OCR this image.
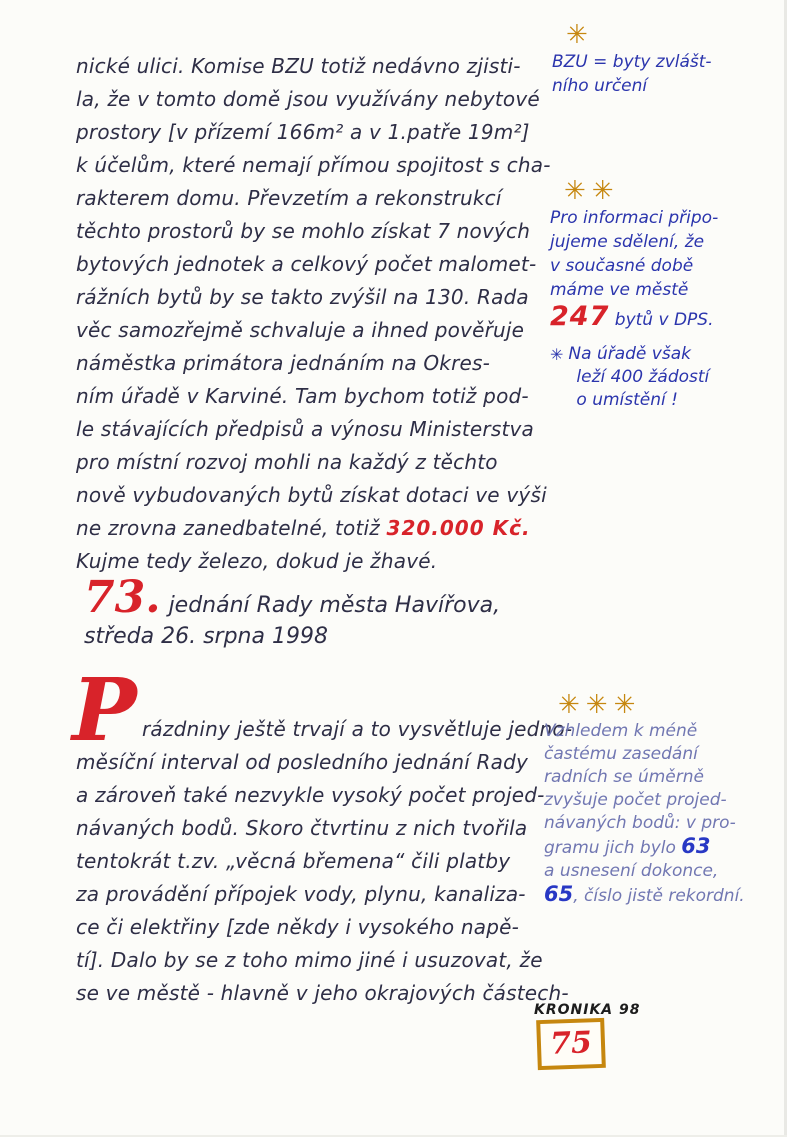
nické ulici. Komise BZU totiž nedávno zjisti-
la, že v tomto domě jsou využívány nebytové
prostory [v přízemí 166m² a v 1.patře 19m²]
k účelům, které nemají přímou spojitost s cha-
rakterem domu. Převzetím a rekonstrukcí
těchto prostorů by se mohlo získat 7 nových
bytových jednotek a celkový počet malomet-
rážních bytů by se takto zvýšil na 130. Rada
věc samozřejmě schvaluje a ihned pověřuje
náměstka primátora jednáním na Okres-
ním úřadě v Karviné. Tam bychom totiž pod-
le stávajících předpisů a výnosu Ministerstva
pro místní rozvoj mohli na každý z těchto
nově vybudovaných bytů získat dotaci ve výši
ne zrovna zanedbatelné, totiž 320.000 Kč.
Kujme tedy železo, dokud je žhavé.
73. jednání Rady města Havířova,
středa 26. srpna 1998
P rázdniny ještě trvají a to vysvětluje jedno-
měsíční interval od posledního jednání Rady
a zároveň také nezvykle vysoký počet projed-
návaných bodů. Skoro čtvrtinu z nich tvořila
tentokrát t.zv. „věcná břemena“ čili platby
za provádění přípojek vody, plynu, kanaliza-
ce či elektřiny [zde někdy i vysokého napě-
tí]. Dalo by se z toho mimo jiné i usuzovat, že
se ve městě - hlavně v jeho okrajových částech-
✳
BZU = byty zvlášt-
ního určení
✳✳
Pro informaci připo-
jujeme sdělení, že
v současné době
máme ve městě
247 bytů v DPS.
✳ Na úřadě však
leží 400 žádostí
o umístění !
✳✳✳
Vzhledem k méně
častému zasedání
radních se úměrně
zvyšuje počet projed-
návaných bodů: v pro-
gramu jich bylo 63
a usnesení dokonce,
65, číslo jistě rekordní.
KRONIKA 98
75
